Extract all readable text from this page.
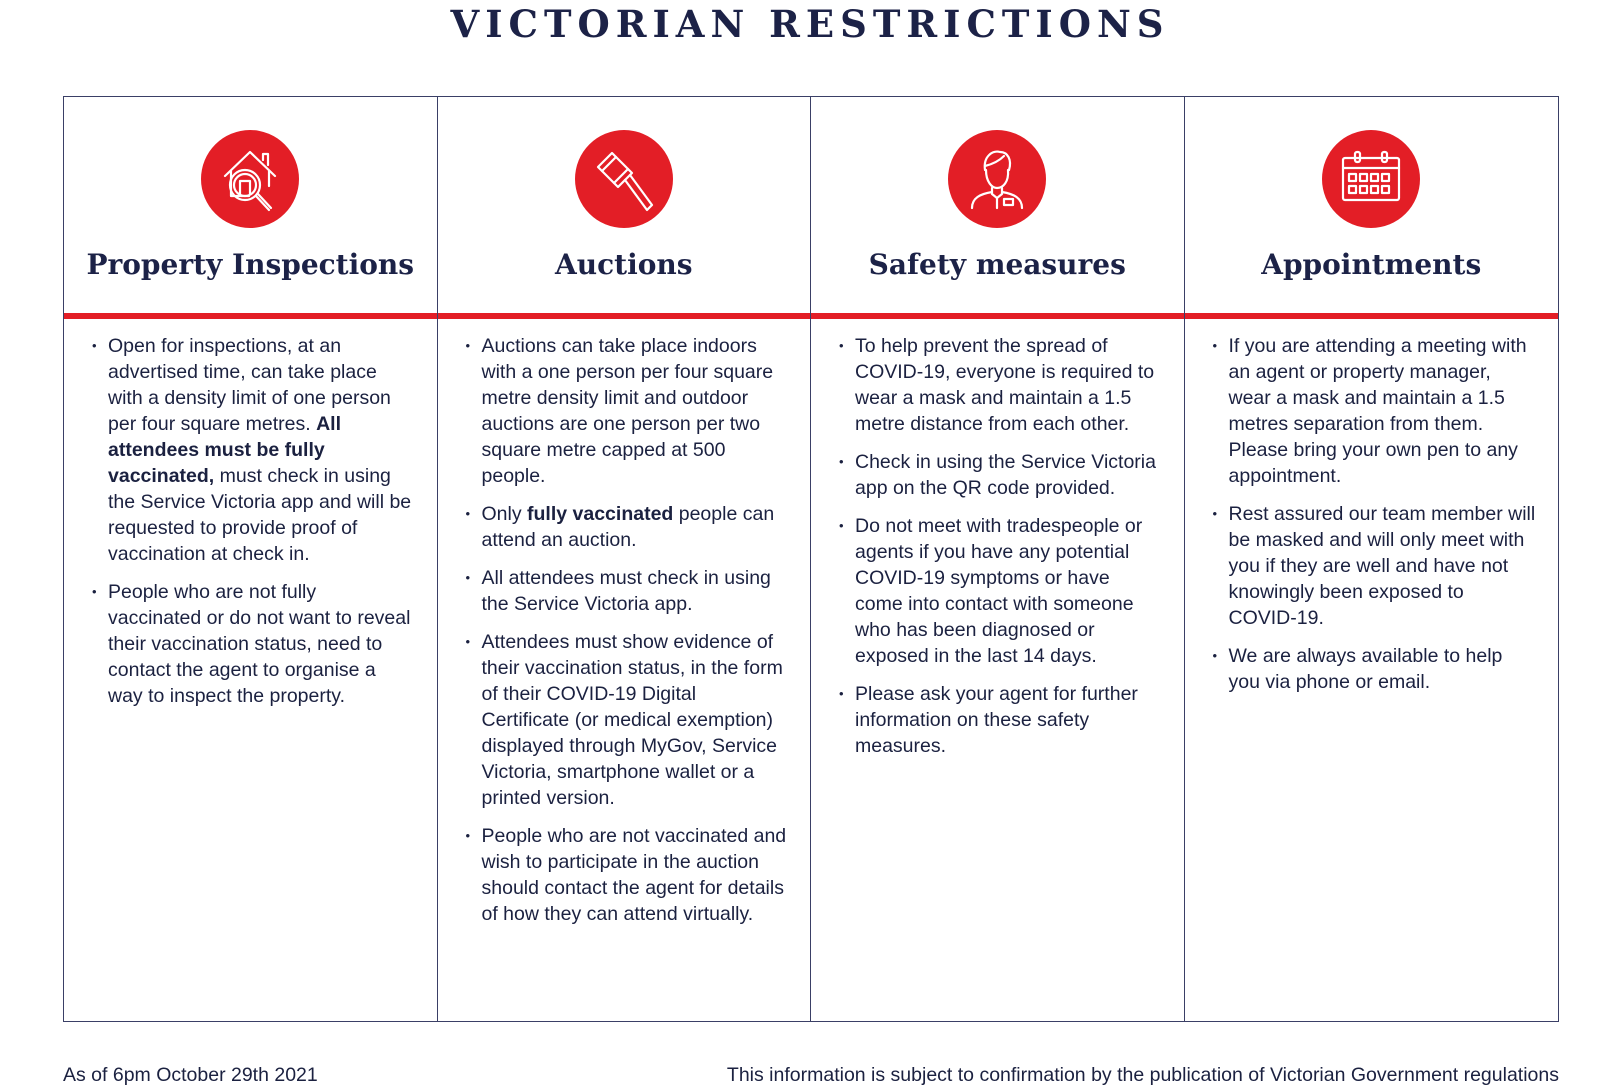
VICTORIAN RESTRICTIONS
Property Inspections
• Open for inspections, at an advertised time, can take place with a density limit of one person per four square metres. All attendees must be fully vaccinated, must check in using the Service Victoria app and will be requested to provide proof of vaccination at check in.
• People who are not fully vaccinated or do not want to reveal their vaccination status, need to contact the agent to organise a way to inspect the property.
Auctions
• Auctions can take place indoors with a one person per four square metre density limit and outdoor auctions are one person per two square metre capped at 500 people.
• Only fully vaccinated people can attend an auction.
• All attendees must check in using the Service Victoria app.
• Attendees must show evidence of their vaccination status, in the form of their COVID-19 Digital Certificate (or medical exemption) displayed through MyGov, Service Victoria, smartphone wallet or a printed version.
• People who are not vaccinated and wish to participate in the auction should contact the agent for details of how they can attend virtually.
Safety measures
• To help prevent the spread of COVID-19, everyone is required to wear a mask and maintain a 1.5 metre distance from each other.
• Check in using the Service Victoria app on the QR code provided.
• Do not meet with tradespeople or agents if you have any potential COVID-19 symptoms or have come into contact with someone who has been diagnosed or exposed in the last 14 days.
• Please ask your agent for further information on these safety measures.
Appointments
• If you are attending a meeting with an agent or property manager, wear a mask and maintain a 1.5 metres separation from them. Please bring your own pen to any appointment.
• Rest assured our team member will be masked and will only meet with you if they are well and have not knowingly been exposed to COVID-19.
• We are always available to help you via phone or email.
As of 6pm October 29th 2021	This information is subject to confirmation by the publication of Victorian Government regulations
